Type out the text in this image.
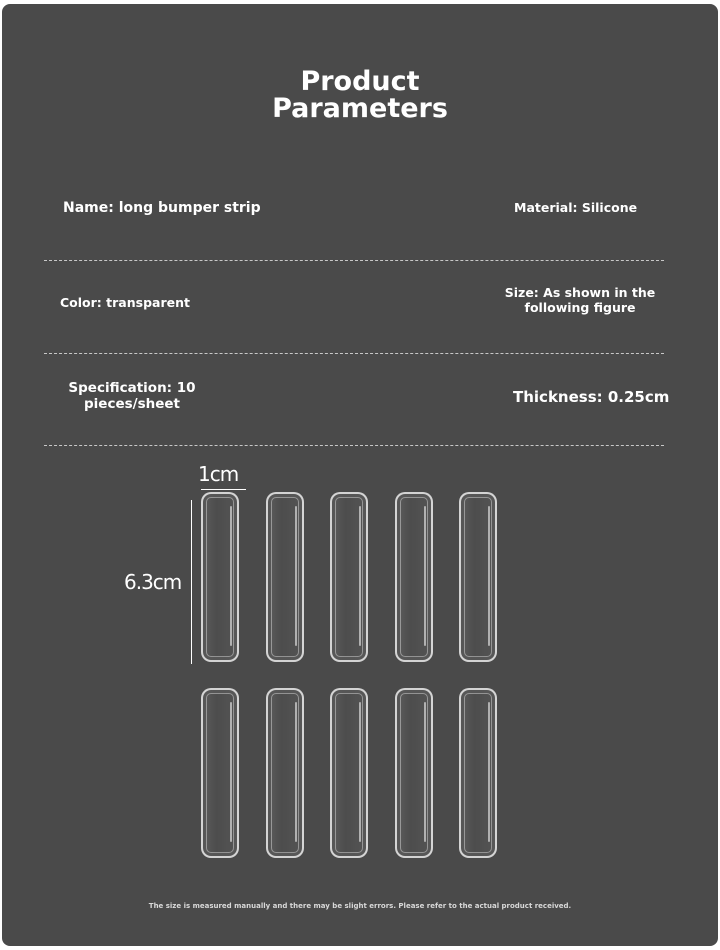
Product
Parameters
Name: long bumper strip	Material: Silicone
Color: transparent
Size: As shown in the
following figure
Specification: 10
pieces/sheet	Thickness: 0.25cm
1cm
6.3cm
The size is measured manually and there may be slight errors. Please refer to the actual product received.
